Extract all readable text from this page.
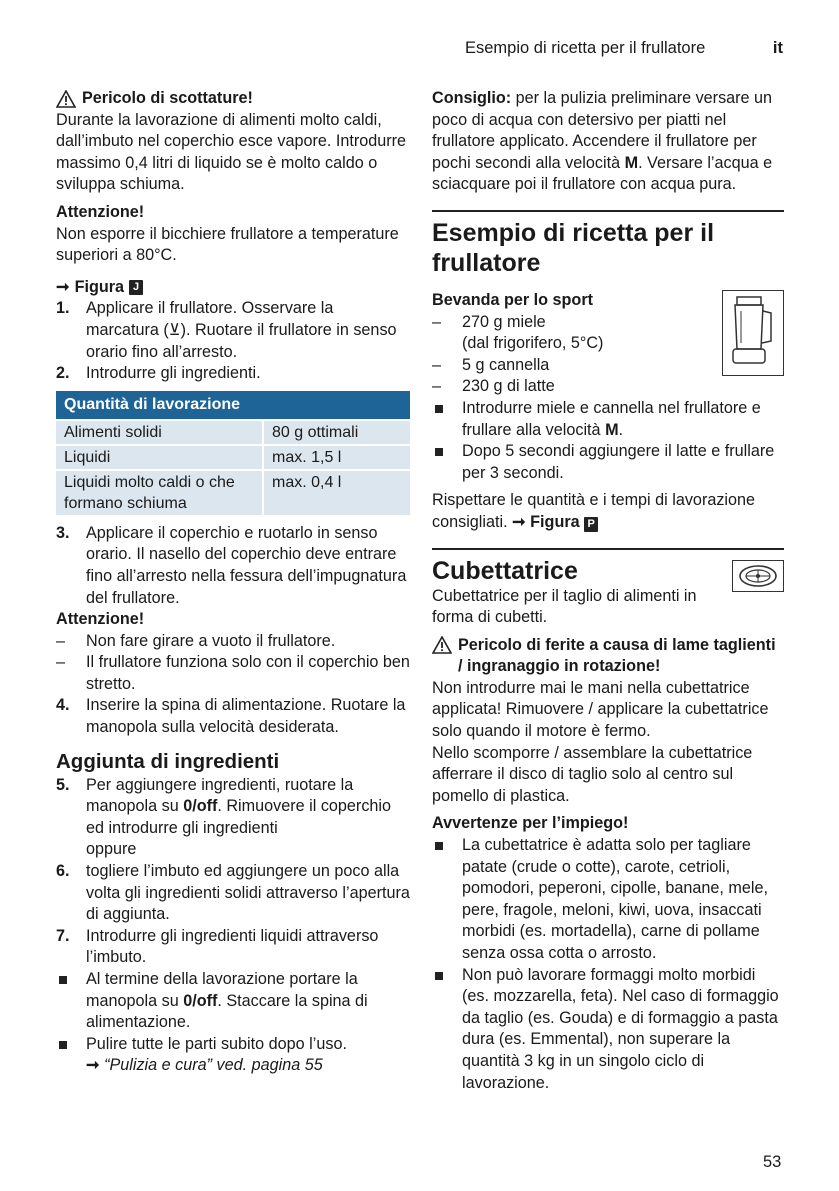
Esempio di ricetta per il frullatore	it
Pericolo di scottature!

Durante la lavorazione di alimenti molto caldi, dall’imbuto nel coperchio esce vapore. Introdurre massimo 0,4 litri di liquido se è molto caldo o sviluppa schiuma.

Attenzione!

Non esporre il bicchiere frullatore a temperature superiori a 80°C.

➞ Figura J
1. Applicare il frullatore. Osservare la marcatura (⊻). Ruotare il frullatore in senso orario fino all’arresto.
2. Introdurre gli ingredienti.
Quantità di lavorazione	
Alimenti solidi	80 g ottimali
Liquidi	max. 1,5 l
Liquidi molto caldi o che formano schiuma	max. 0,4 l
3. Applicare il coperchio e ruotarlo in senso orario. Il nasello del coperchio deve entrare fino all’arresto nella fessura dell’impugnatura del frullatore.

Attenzione!

– Non fare girare a vuoto il frullatore.
– Il frullatore funziona solo con il coperchio ben stretto.
4. Inserire la spina di alimentazione. Ruotare la manopola sulla velocità desiderata.
Aggiunta di ingredienti
5. Per aggiungere ingredienti, ruotare la manopola su 0/off. Rimuovere il coperchio ed introdurre gli ingredienti
oppure
6. togliere l’imbuto ed aggiungere un poco alla volta gli ingredienti solidi attraverso l’apertura di aggiunta.
7. Introdurre gli ingredienti liquidi attraverso l’imbuto.
Al termine della lavorazione portare la manopola su 0/off. Staccare la spina di alimentazione.
Pulire tutte le parti subito dopo l’uso.
➞ “Pulizia e cura” ved. pagina 55

Consiglio: per la pulizia preliminare versare un poco di acqua con detersivo per piatti nel frullatore applicato. Accendere il frullatore per pochi secondi alla velocità M. Versare l’acqua e sciacquare poi il frullatore con acqua pura.

Esempio di ricetta per il frullatore

Bevanda per lo sport

– 270 g miele
(dal frigorifero, 5°C)
– 5 g cannella
– 230 g di latte
Introdurre miele e cannella nel frullatore e frullare alla velocità M.
Dopo 5 secondi aggiungere il latte e frullare per 3 secondi.

Rispettare le quantità e i tempi di lavorazione consigliati. ➞ Figura P

Cubettatrice

Cubettatrice per il taglio di alimenti in forma di cubetti.

Pericolo di ferite a causa di lame taglienti / ingranaggio in rotazione!

Non introdurre mai le mani nella cubettatrice applicata! Rimuovere / applicare la cubettatrice solo quando il motore è fermo.

Nello scomporre / assemblare la cubettatrice afferrare il disco di taglio solo al centro sul pomello di plastica.

Avvertenze per l’impiego!

La cubettatrice è adatta solo per tagliare patate (crude o cotte), carote, cetrioli, pomodori, peperoni, cipolle, banane, mele, pere, fragole, meloni, kiwi, uova, insaccati morbidi (es. mortadella), carne di pollame senza ossa cotta o arrosto.
Non può lavorare formaggi molto morbidi (es. mozzarella, feta). Nel caso di formaggio da taglio (es. Gouda) e di formaggio a pasta dura (es. Emmental), non superare la quantità 3 kg in un singolo ciclo di lavorazione.
53
